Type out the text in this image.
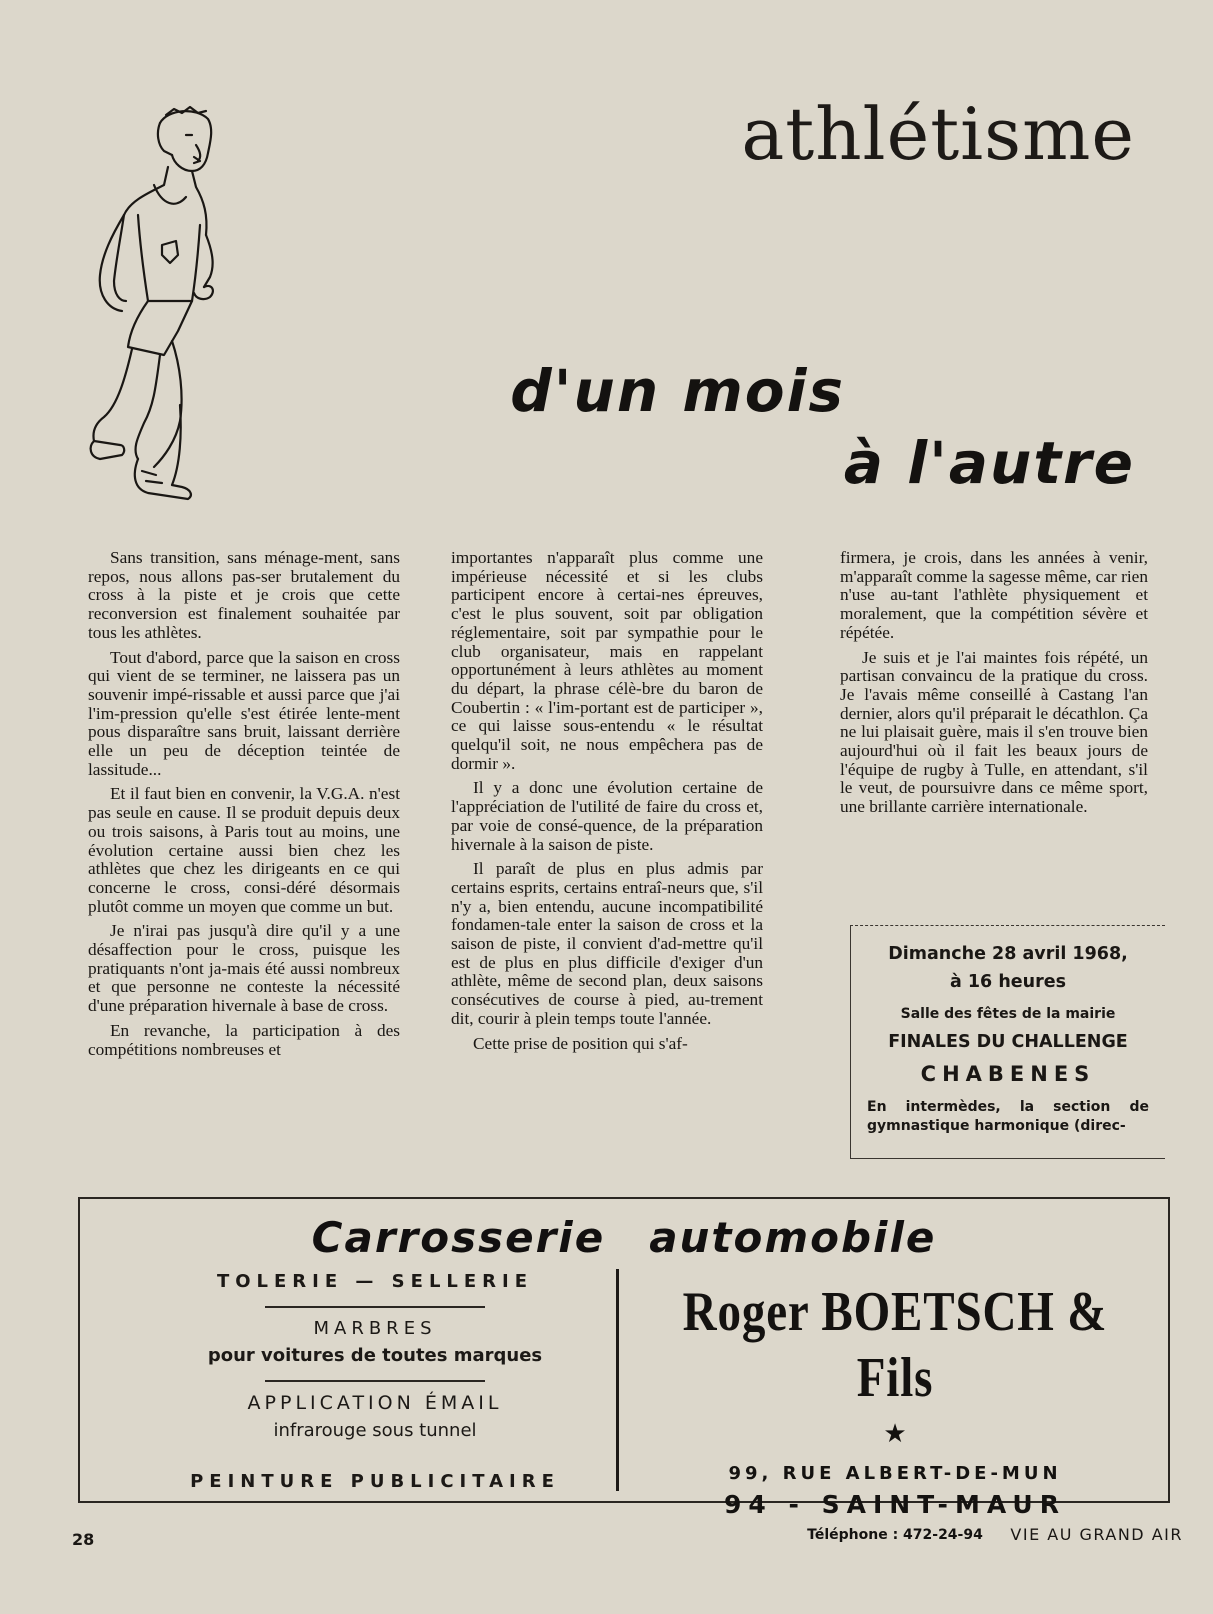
athlétisme
d'un mois
à l'autre

Sans transition, sans ménage-ment, sans repos, nous allons pas-ser brutalement du cross à la piste et je crois que cette reconversion est finalement souhaitée par tous les athlètes.

Tout d'abord, parce que la saison en cross qui vient de se terminer, ne laissera pas un souvenir impé-rissable et aussi parce que j'ai l'im-pression qu'elle s'est étirée lente-ment pous disparaître sans bruit, laissant derrière elle un peu de déception teintée de lassitude...

Et il faut bien en convenir, la V.G.A. n'est pas seule en cause. Il se produit depuis deux ou trois saisons, à Paris tout au moins, une évolution certaine aussi bien chez les athlètes que chez les dirigeants en ce qui concerne le cross, consi-déré désormais plutôt comme un moyen que comme un but.

Je n'irai pas jusqu'à dire qu'il y a une désaffection pour le cross, puisque les pratiquants n'ont ja-mais été aussi nombreux et que personne ne conteste la nécessité d'une préparation hivernale à base de cross.

En revanche, la participation à des compétitions nombreuses et

importantes n'apparaît plus comme une impérieuse nécessité et si les clubs participent encore à certai-nes épreuves, c'est le plus souvent, soit par obligation réglementaire, soit par sympathie pour le club organisateur, mais en rappelant opportunément à leurs athlètes au moment du départ, la phrase célè-bre du baron de Coubertin : « l'im-portant est de participer », ce qui laisse sous-entendu « le résultat quelqu'il soit, ne nous empêchera pas de dormir ».

Il y a donc une évolution certaine de l'appréciation de l'utilité de faire du cross et, par voie de consé-quence, de la préparation hivernale à la saison de piste.

Il paraît de plus en plus admis par certains esprits, certains entraî-neurs que, s'il n'y a, bien entendu, aucune incompatibilité fondamen-tale enter la saison de cross et la saison de piste, il convient d'ad-mettre qu'il est de plus en plus difficile d'exiger d'un athlète, même de second plan, deux saisons consécutives de course à pied, au-trement dit, courir à plein temps toute l'année.

Cette prise de position qui s'af-

firmera, je crois, dans les années à venir, m'apparaît comme la sagesse même, car rien n'use au-tant l'athlète physiquement et moralement, que la compétition sévère et répétée.

Je suis et je l'ai maintes fois répété, un partisan convaincu de la pratique du cross. Je l'avais même conseillé à Castang l'an dernier, alors qu'il préparait le décathlon. Ça ne lui plaisait guère, mais il s'en trouve bien aujourd'hui où il fait les beaux jours de l'équipe de rugby à Tulle, en attendant, s'il le veut, de poursuivre dans ce même sport, une brillante carrière internationale.

Dimanche 28 avril 1968,
à 16 heures
Salle des fêtes de la mairie
FINALES DU CHALLENGE
CHABENES
En intermèdes, la section de gymnastique harmonique (direc-
Carrosserie automobile
TOLERIE — SELLERIE
MARBRES
pour voitures de toutes marques
APPLICATION ÉMAIL
infrarouge sous tunnel
PEINTURE PUBLICITAIRE
Roger BOETSCH & Fils
★
99, RUE ALBERT-DE-MUN
94 - SAINT-MAUR
Téléphone : 472-24-94
28	VIE AU GRAND AIR
